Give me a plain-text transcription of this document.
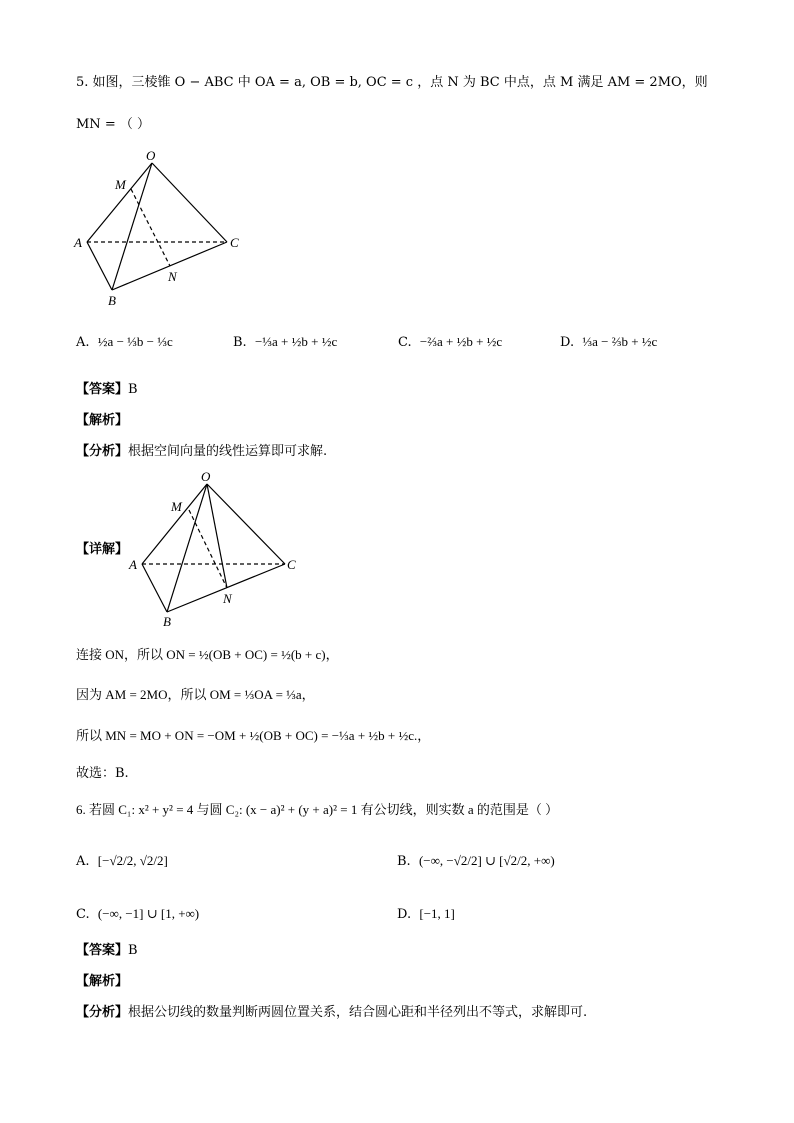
5. 如图，三棱锥 O − ABC 中 OA = a, OB = b, OC = c ，点 N 为 BC 中点，点 M 满足 AM = 2MO，则
MN = （ ）
O
M
A	C
N
B
A. ½a − ⅓b − ⅓c	B. −⅓a + ½b + ½c	C. −⅔a + ½b + ½c	D. ⅓a − ⅔b + ½c
【答案】B
【解析】
【分析】根据空间向量的线性运算即可求解.
【详解】
O
M
A	C
N
B
连接 ON，所以 ON = ½(OB + OC) = ½(b + c)，
因为 AM = 2MO，所以 OM = ⅓OA = ⅓a，
所以 MN = MO + ON = −OM + ½(OB + OC) = −⅓a + ½b + ½c.，
故选：B.
6. 若圆 C₁: x² + y² = 4 与圆 C₂: (x − a)² + (y + a)² = 1 有公切线，则实数 a 的范围是（ ）
A. [−√2/2, √2/2]	B. (−∞, −√2/2] ∪ [√2/2, +∞)
C. (−∞, −1] ∪ [1, +∞)	D. [−1, 1]
【答案】B
【解析】
【分析】根据公切线的数量判断两圆位置关系，结合圆心距和半径列出不等式，求解即可.
